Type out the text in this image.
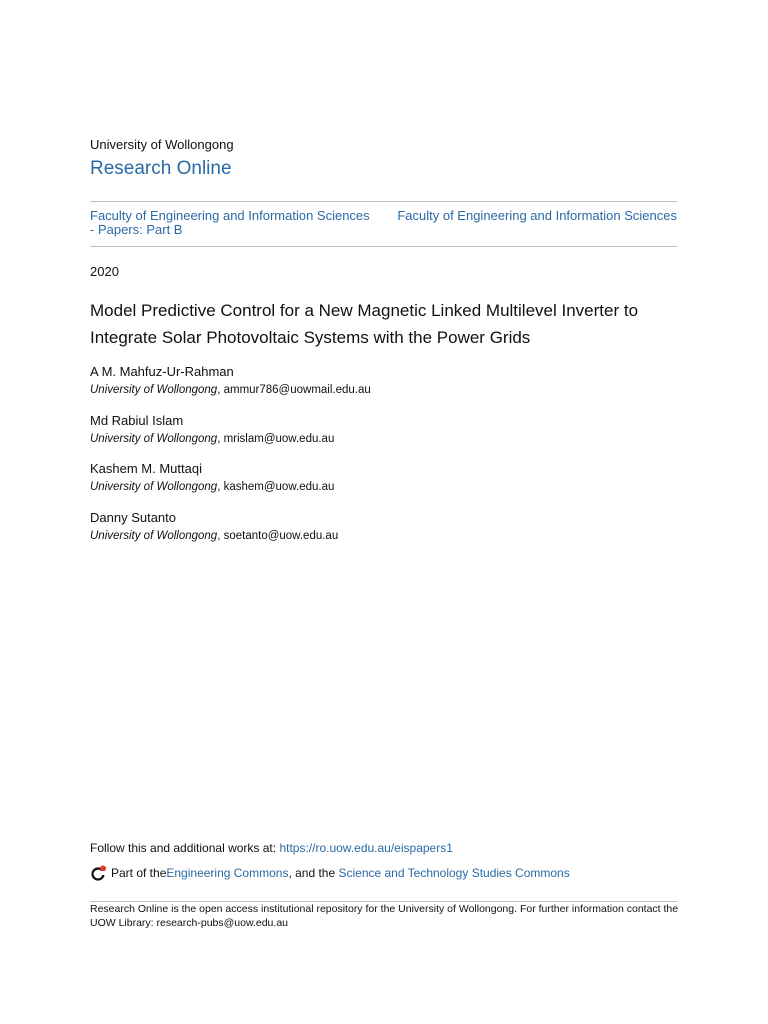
University of Wollongong
Research Online
Faculty of Engineering and Information Sciences - Papers: Part B
Faculty of Engineering and Information Sciences
2020
Model Predictive Control for a New Magnetic Linked Multilevel Inverter to Integrate Solar Photovoltaic Systems with the Power Grids
A M. Mahfuz-Ur-Rahman
University of Wollongong, ammur786@uowmail.edu.au
Md Rabiul Islam
University of Wollongong, mrislam@uow.edu.au
Kashem M. Muttaqi
University of Wollongong, kashem@uow.edu.au
Danny Sutanto
University of Wollongong, soetanto@uow.edu.au
Follow this and additional works at: https://ro.uow.edu.au/eispapers1
Part of the Engineering Commons , and the Science and Technology Studies Commons
Research Online is the open access institutional repository for the University of Wollongong. For further information contact the UOW Library: research-pubs@uow.edu.au
